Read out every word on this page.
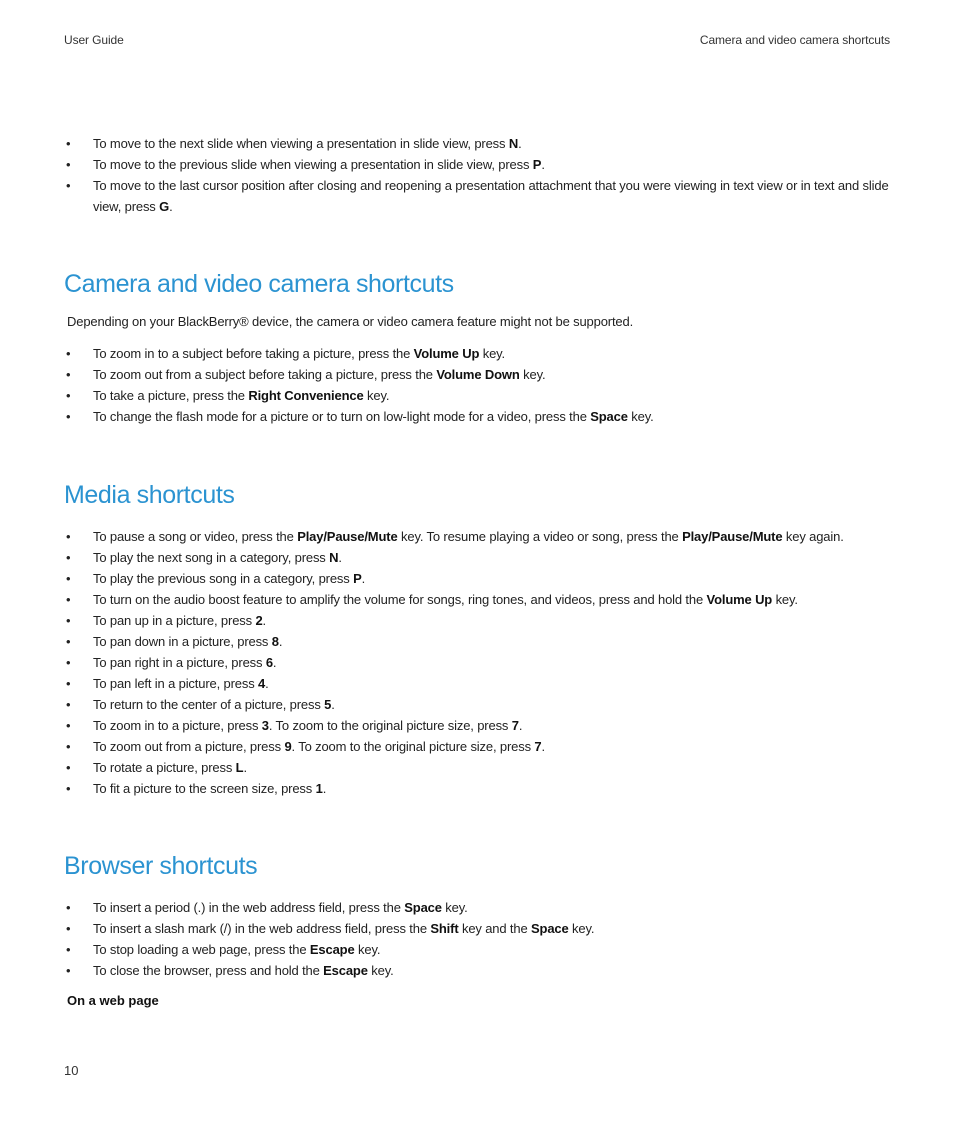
User Guide	Camera and video camera shortcuts
• To move to the next slide when viewing a presentation in slide view, press N.
• To move to the previous slide when viewing a presentation in slide view, press P.
• To move to the last cursor position after closing and reopening a presentation attachment that you were viewing in text view or in text and slide view, press G.
Camera and video camera shortcuts
Depending on your BlackBerry® device, the camera or video camera feature might not be supported.
• To zoom in to a subject before taking a picture, press the Volume Up key.
• To zoom out from a subject before taking a picture, press the Volume Down key.
• To take a picture, press the Right Convenience key.
• To change the flash mode for a picture or to turn on low-light mode for a video, press the Space key.
Media shortcuts
• To pause a song or video, press the Play/Pause/Mute key. To resume playing a video or song, press the Play/Pause/Mute key again.
• To play the next song in a category, press N.
• To play the previous song in a category, press P.
• To turn on the audio boost feature to amplify the volume for songs, ring tones, and videos, press and hold the Volume Up key.
• To pan up in a picture, press 2.
• To pan down in a picture, press 8.
• To pan right in a picture, press 6.
• To pan left in a picture, press 4.
• To return to the center of a picture, press 5.
• To zoom in to a picture, press 3. To zoom to the original picture size, press 7.
• To zoom out from a picture, press 9. To zoom to the original picture size, press 7.
• To rotate a picture, press L.
• To fit a picture to the screen size, press 1.
Browser shortcuts
• To insert a period (.) in the web address field, press the Space key.
• To insert a slash mark (/) in the web address field, press the Shift key and the Space key.
• To stop loading a web page, press the Escape key.
• To close the browser, press and hold the Escape key.
On a web page
10
